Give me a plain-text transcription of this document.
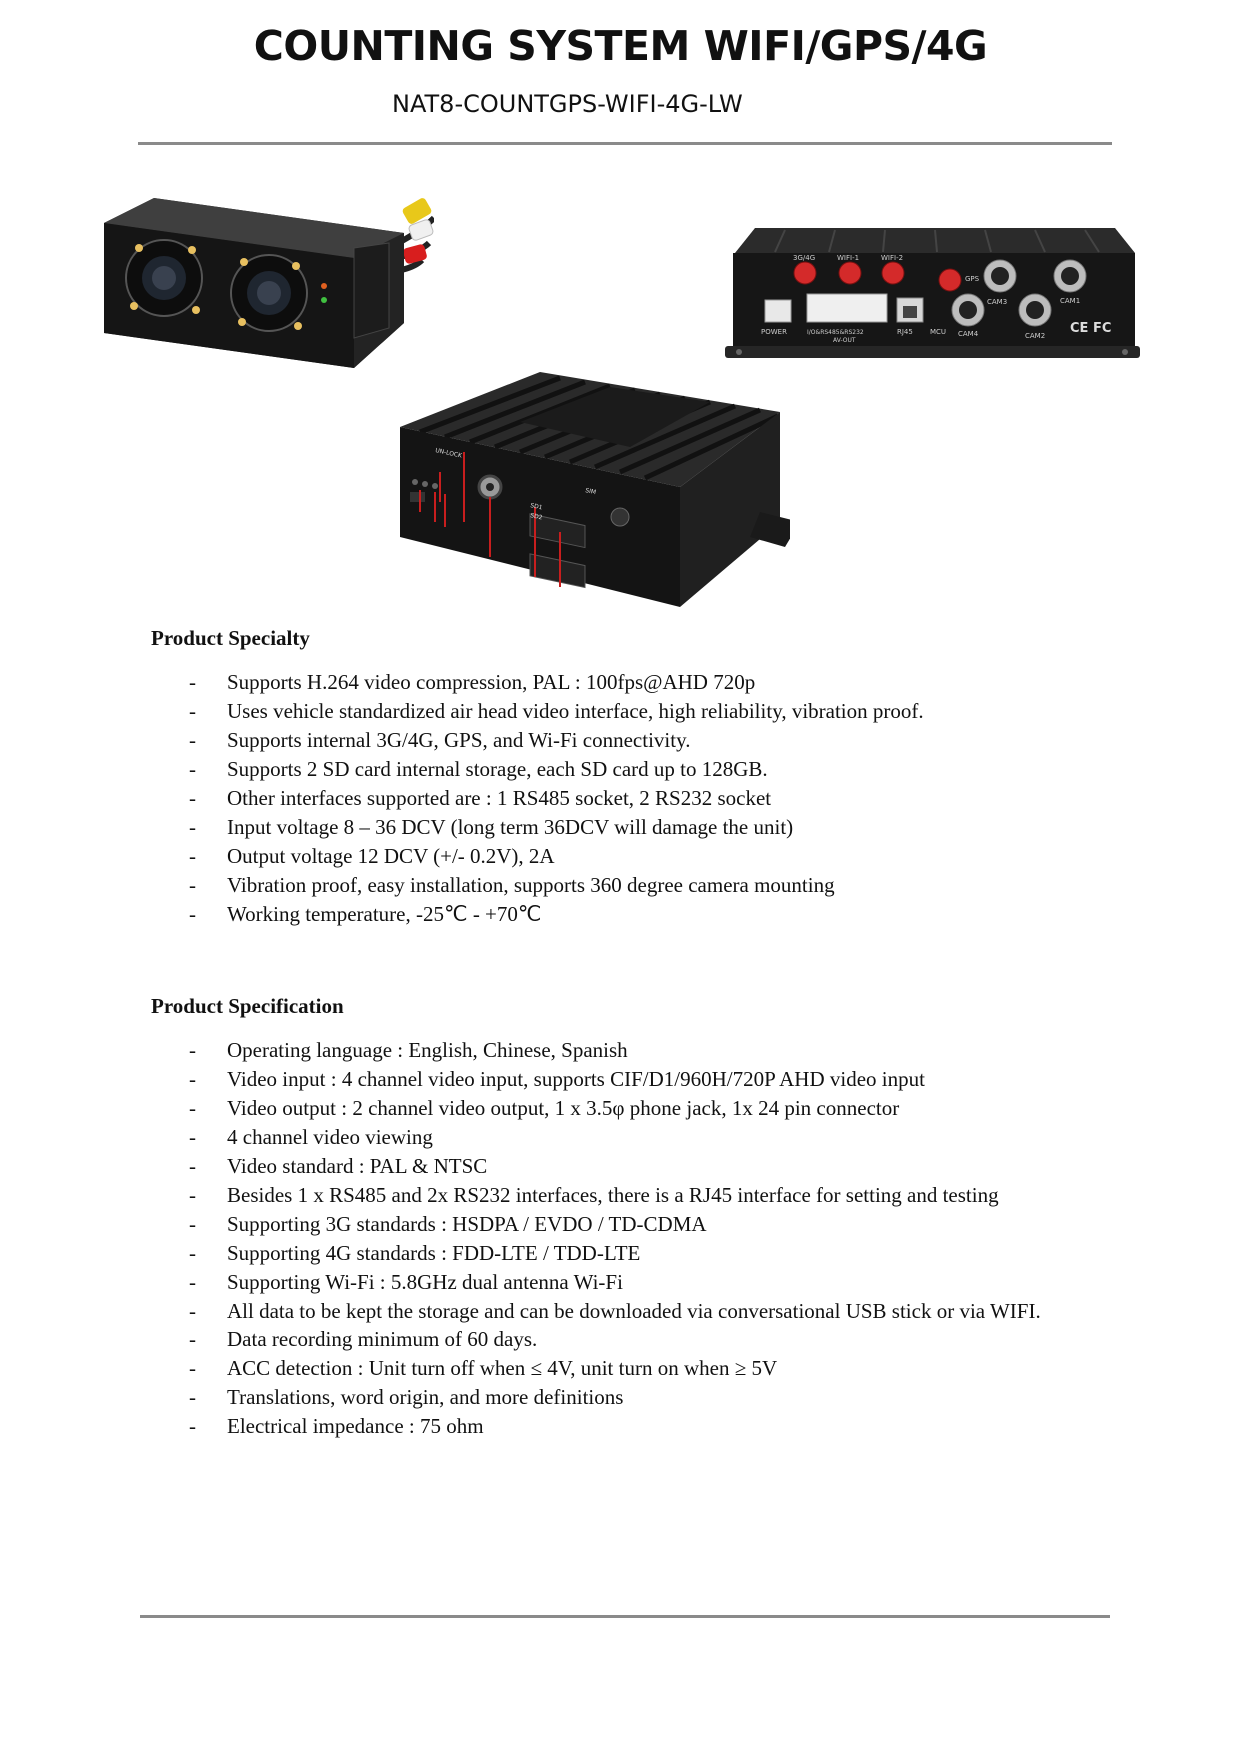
COUNTING SYSTEM WIFI/GPS/4G
NAT8-COUNTGPS-WIFI-4G-LW
3G/4G	WIFI-1	WIFI-2
GPS
CAM3	CAM1
CAM4	CAM2
POWER	I/O&RS485&RS232
AV-OUT
RJ45 MCU	CE FC
UN-LOCK
SIM
SD1
SD2
Product Specialty
- Supports H.264 video compression, PAL : 100fps@AHD 720p
- Uses vehicle standardized air head video interface, high reliability, vibration proof.
- Supports internal 3G/4G, GPS, and Wi-Fi connectivity.
- Supports 2 SD card internal storage, each SD card up to 128GB.
- Other interfaces supported are : 1 RS485 socket, 2 RS232 socket
- Input voltage 8 – 36 DCV (long term 36DCV will damage the unit)
- Output voltage 12 DCV (+/- 0.2V), 2A
- Vibration proof, easy installation, supports 360 degree camera mounting
- Working temperature, -25℃ - +70℃
Product Specification
- Operating language : English, Chinese, Spanish
- Video input : 4 channel video input, supports CIF/D1/960H/720P AHD video input
- Video output : 2 channel video output, 1 x 3.5φ phone jack, 1x 24 pin connector
- 4 channel video viewing
- Video standard : PAL & NTSC
- Besides 1 x RS485 and 2x RS232 interfaces, there is a RJ45 interface for setting and testing
- Supporting 3G standards : HSDPA / EVDO / TD-CDMA
- Supporting 4G standards : FDD-LTE / TDD-LTE
- Supporting Wi-Fi : 5.8GHz dual antenna Wi-Fi
- All data to be kept the storage and can be downloaded via conversational USB stick or via WIFI.
- Data recording minimum of 60 days.
- ACC detection : Unit turn off when ≤ 4V, unit turn on when ≥ 5V
- Translations, word origin, and more definitions
- Electrical impedance : 75 ohm
